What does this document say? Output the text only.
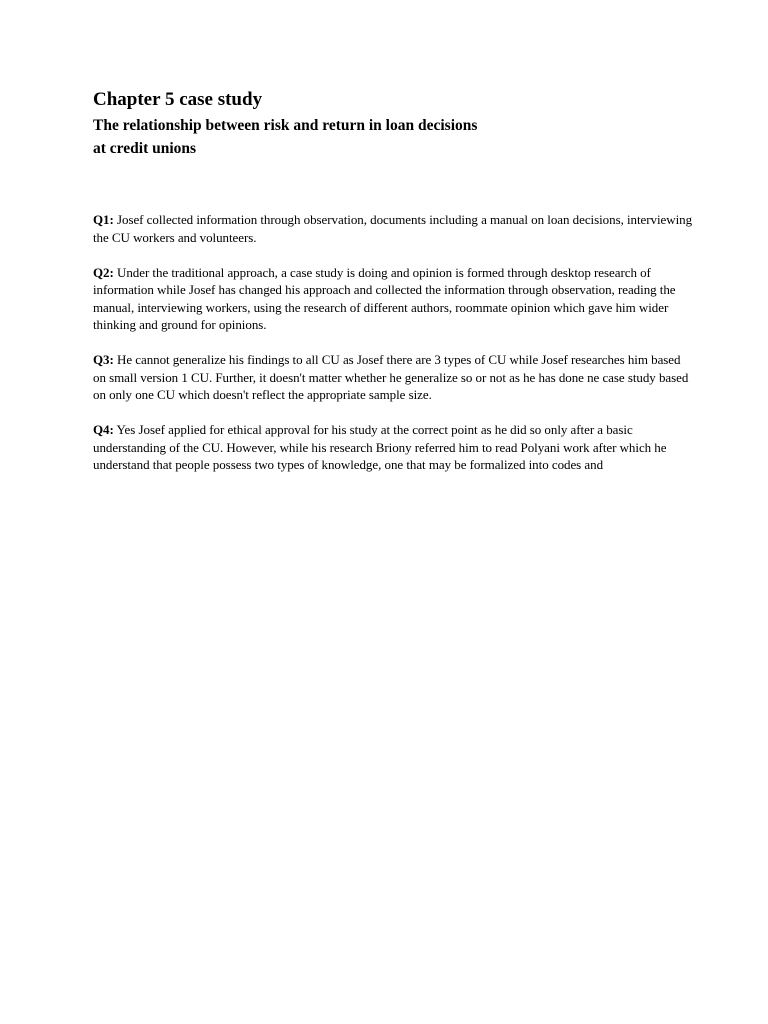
Chapter 5 case study
The relationship between risk and return in loan decisions at credit unions

Q1: Josef collected information through observation, documents including a manual on loan decisions, interviewing the CU workers and volunteers.

Q2: Under the traditional approach, a case study is doing and opinion is formed through desktop research of information while Josef has changed his approach and collected the information through observation, reading the manual, interviewing workers, using the research of different authors, roommate opinion which gave him wider thinking and ground for opinions.

Q3: He cannot generalize his findings to all CU as Josef there are 3 types of CU while Josef researches him based on small version 1 CU. Further, it doesn't matter whether he generalize so or not as he has done ne case study based on only one CU which doesn't reflect the appropriate sample size.

Q4: Yes Josef applied for ethical approval for his study at the correct point as he did so only after a basic understanding of the CU. However, while his research Briony referred him to read Polyani work after which he understand that people possess two types of knowledge, one that may be formalized into codes and
